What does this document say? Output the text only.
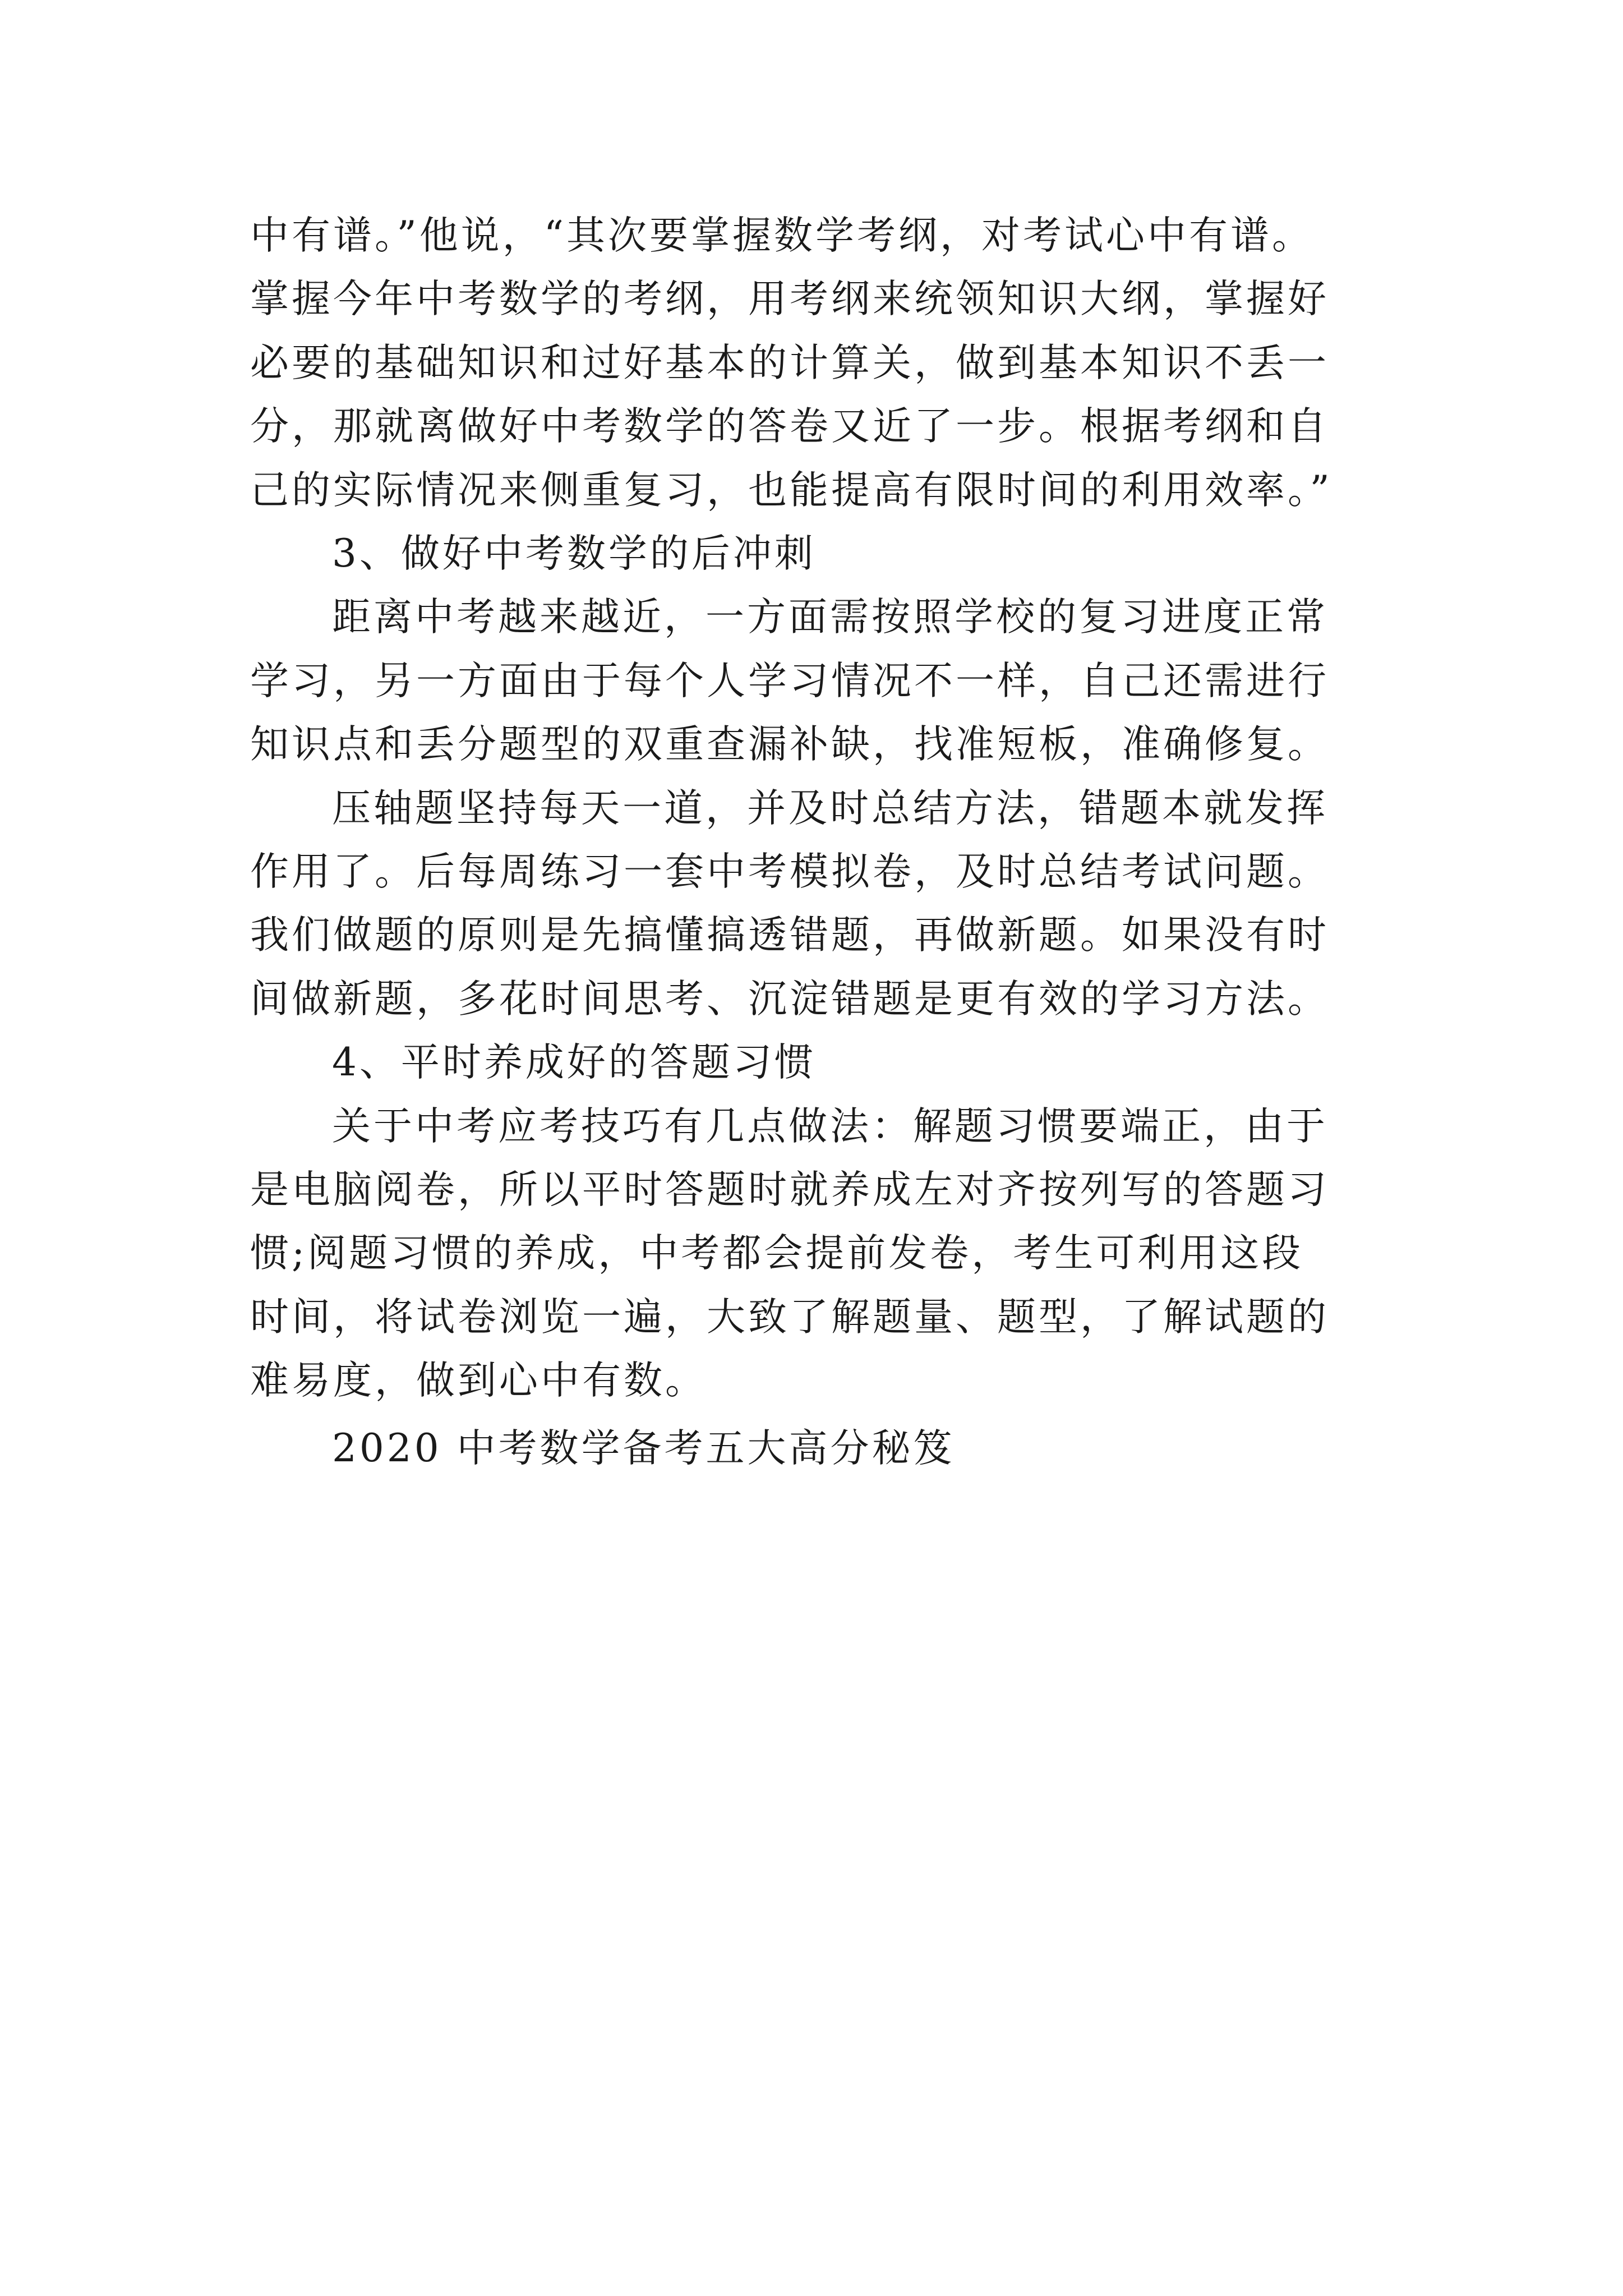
中有谱。”他说，“其次要掌握数学考纲，对考试心中有谱。
掌握今年中考数学的考纲，用考纲来统领知识大纲，掌握好
必要的基础知识和过好基本的计算关，做到基本知识不丢一
分，那就离做好中考数学的答卷又近了一步。根据考纲和自
己的实际情况来侧重复习，也能提高有限时间的利用效率。”
3、做好中考数学的后冲刺
距离中考越来越近，一方面需按照学校的复习进度正常
学习，另一方面由于每个人学习情况不一样，自己还需进行
知识点和丢分题型的双重查漏补缺，找准短板，准确修复。
压轴题坚持每天一道，并及时总结方法，错题本就发挥
作用了。后每周练习一套中考模拟卷，及时总结考试问题。
我们做题的原则是先搞懂搞透错题，再做新题。如果没有时
间做新题，多花时间思考、沉淀错题是更有效的学习方法。
4、平时养成好的答题习惯
关于中考应考技巧有几点做法：解题习惯要端正，由于
是电脑阅卷，所以平时答题时就养成左对齐按列写的答题习
惯;阅题习惯的养成，中考都会提前发卷，考生可利用这段
时间，将试卷浏览一遍，大致了解题量、题型，了解试题的
难易度，做到心中有数。
2020 中考数学备考五大高分秘笈
